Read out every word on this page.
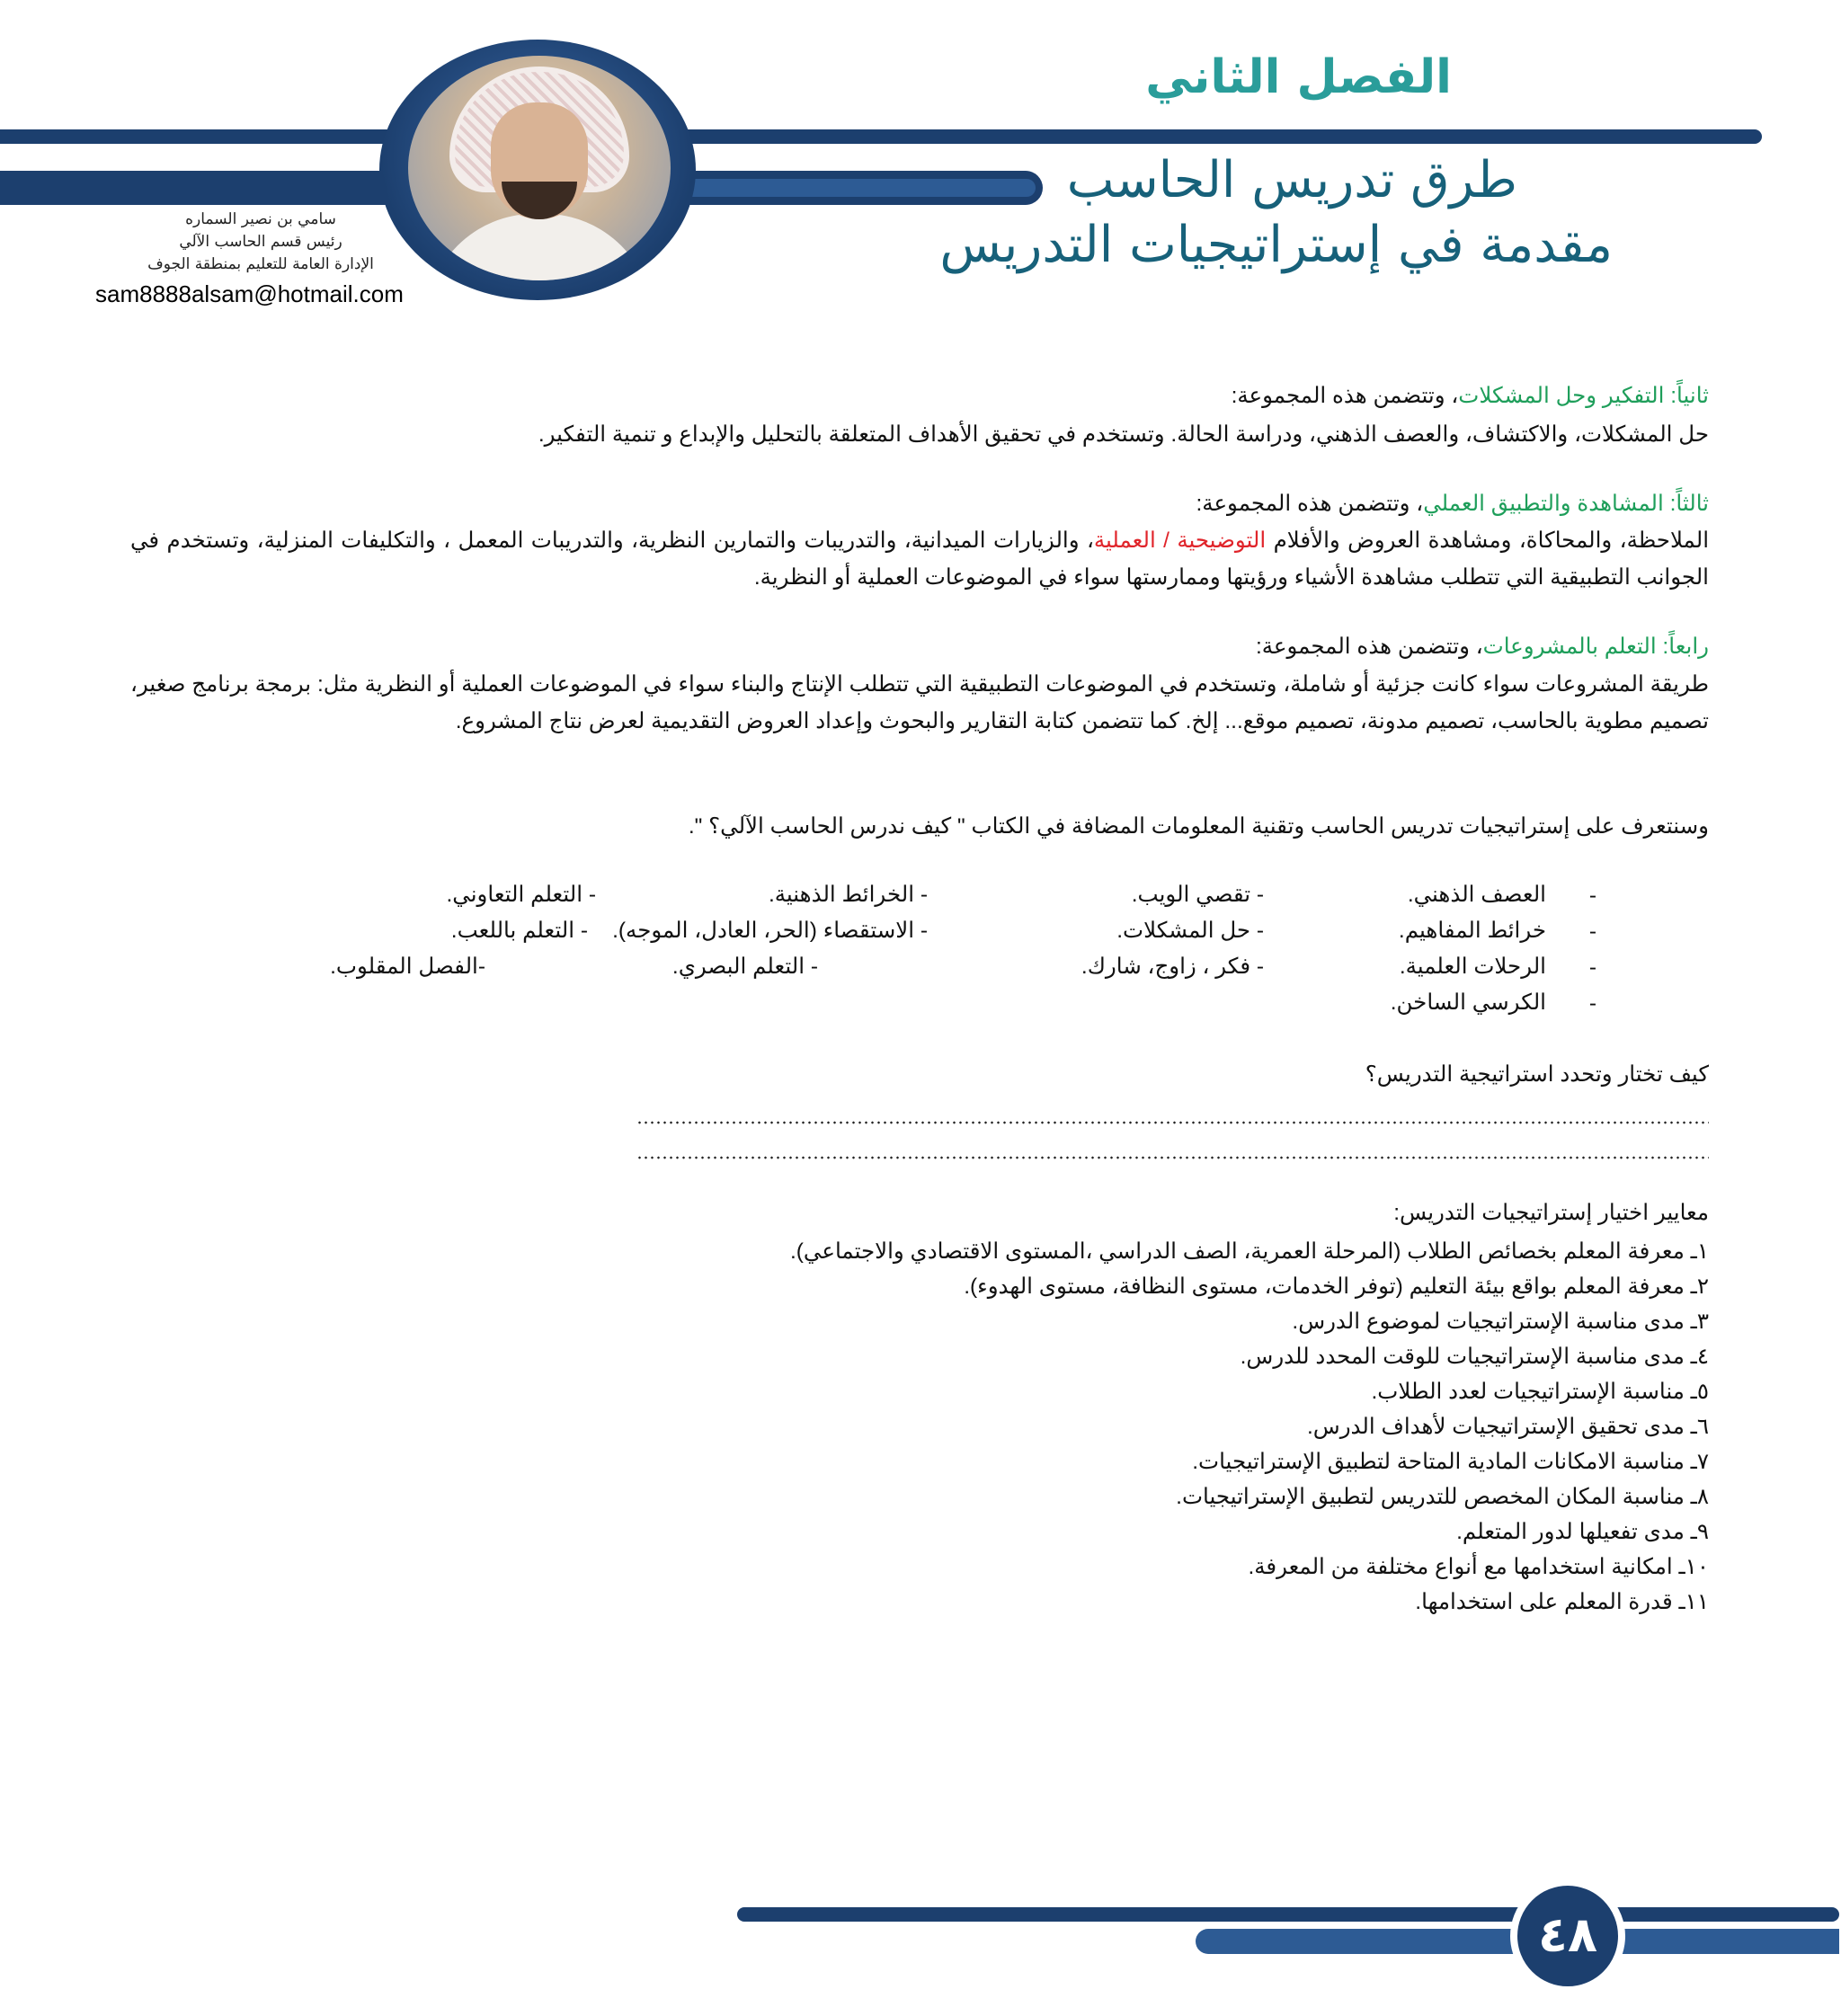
الفصل الثاني
طرق تدريس الحاسب
مقدمة في إستراتيجيات التدريس
سامي بن نصير السماره
رئيس قسم الحاسب الآلي
الإدارة العامة للتعليم بمنطقة الجوف
sam8888alsam@hotmail.com
ثانياً: التفكير وحل المشكلات، وتتضمن هذه المجموعة:
حل المشكلات، والاكتشاف، والعصف الذهني، ودراسة الحالة. وتستخدم في تحقيق الأهداف المتعلقة بالتحليل والإبداع و تنمية التفكير.
ثالثاً: المشاهدة والتطبيق العملي، وتتضمن هذه المجموعة:
الملاحظة، والمحاكاة، ومشاهدة العروض والأفلام التوضيحية / العملية، والزيارات الميدانية، والتدريبات والتمارين النظرية، والتدريبات المعمل ، والتكليفات المنزلية، وتستخدم في الجوانب التطبيقية التي تتطلب مشاهدة الأشياء ورؤيتها وممارستها سواء في الموضوعات العملية أو النظرية.
رابعاً: التعلم بالمشروعات، وتتضمن هذه المجموعة:
طريقة المشروعات سواء كانت جزئية أو شاملة، وتستخدم في الموضوعات التطبيقية التي تتطلب الإنتاج والبناء سواء في الموضوعات العملية أو النظرية مثل: برمجة برنامج صغير، تصميم مطوية بالحاسب، تصميم مدونة، تصميم موقع... إلخ. كما تتضمن كتابة التقارير والبحوث وإعداد العروض التقديمية لعرض نتاج المشروع.
وسنتعرف على إستراتيجيات تدريس الحاسب وتقنية المعلومات المضافة في الكتاب " كيف ندرس الحاسب الآلي؟ ".
-
-
-
-
العصف الذهني.
خرائط المفاهيم.
الرحلات العلمية.
الكرسي الساخن.
- تقصي الويب.
- حل المشكلات.
- فكر ، زاوج، شارك.
- الخرائط الذهنية.
- الاستقصاء (الحر، العادل، الموجه).
- التعلم البصري.
- التعلم التعاوني.
- التعلم باللعب.
-الفصل المقلوب.
كيف تختار وتحدد استراتيجية التدريس؟
معايير اختيار إستراتيجيات التدريس:
١ـ معرفة المعلم بخصائص الطلاب (المرحلة العمرية، الصف الدراسي ،المستوى الاقتصادي والاجتماعي).
٢ـ معرفة المعلم بواقع بيئة التعليم (توفر الخدمات، مستوى النظافة، مستوى الهدوء).
٣ـ مدى مناسبة الإستراتيجيات لموضوع الدرس.
٤ـ مدى مناسبة الإستراتيجيات للوقت المحدد للدرس.
٥ـ مناسبة الإستراتيجيات لعدد الطلاب.
٦ـ مدى تحقيق الإستراتيجيات لأهداف الدرس.
٧ـ مناسبة الامكانات المادية المتاحة لتطبيق الإستراتيجيات.
٨ـ مناسبة المكان المخصص للتدريس لتطبيق الإستراتيجيات.
٩ـ مدى تفعيلها لدور المتعلم.
١٠ـ امكانية استخدامها مع أنواع مختلفة من المعرفة.
١١ـ قدرة المعلم على استخدامها.
٤٨
